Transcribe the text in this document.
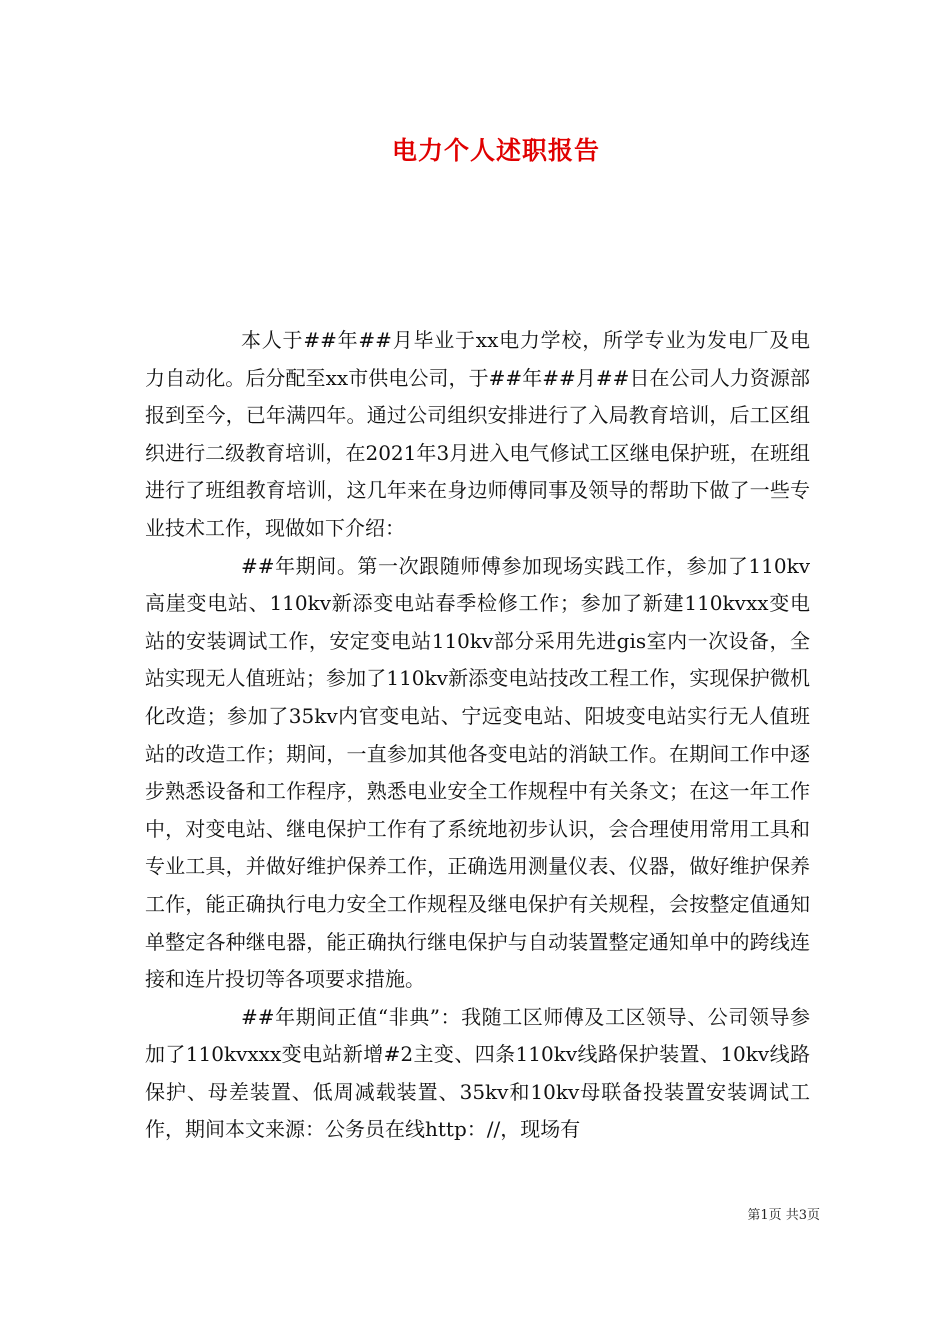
电力个人述职报告

本人于##年##月毕业于xx电力学校，所学专业为发电厂及电力自动化。后分配至xx市供电公司，于##年##月##日在公司人力资源部报到至今，已年满四年。通过公司组织安排进行了入局教育培训，后工区组织进行二级教育培训，在2021年3月进入电气修试工区继电保护班，在班组进行了班组教育培训，这几年来在身边师傅同事及领导的帮助下做了一些专业技术工作，现做如下介绍：

##年期间。第一次跟随师傅参加现场实践工作，参加了110kv高崖变电站、110kv新添变电站春季检修工作；参加了新建110kvxx变电站的安装调试工作，安定变电站110kv部分采用先进gis室内一次设备，全站实现无人值班站；参加了110kv新添变电站技改工程工作，实现保护微机化改造；参加了35kv内官变电站、宁远变电站、阳坡变电站实行无人值班站的改造工作；期间，一直参加其他各变电站的消缺工作。在期间工作中逐步熟悉设备和工作程序，熟悉电业安全工作规程中有关条文；在这一年工作中，对变电站、继电保护工作有了系统地初步认识，会合理使用常用工具和专业工具，并做好维护保养工作，正确选用测量仪表、仪器，做好维护保养工作，能正确执行电力安全工作规程及继电保护有关规程，会按整定值通知单整定各种继电器，能正确执行继电保护与自动装置整定通知单中的跨线连接和连片投切等各项要求措施。

##年期间正值“非典”：我随工区师傅及工区领导、公司领导参加了110kvxxx变电站新增#2主变、四条110kv线路保护装置、10kv线路保护、母差装置、低周减载装置、35kv和10kv母联备投装置安装调试工作，期间本文来源：公务员在线http：//，现场有

第1页 共3页
